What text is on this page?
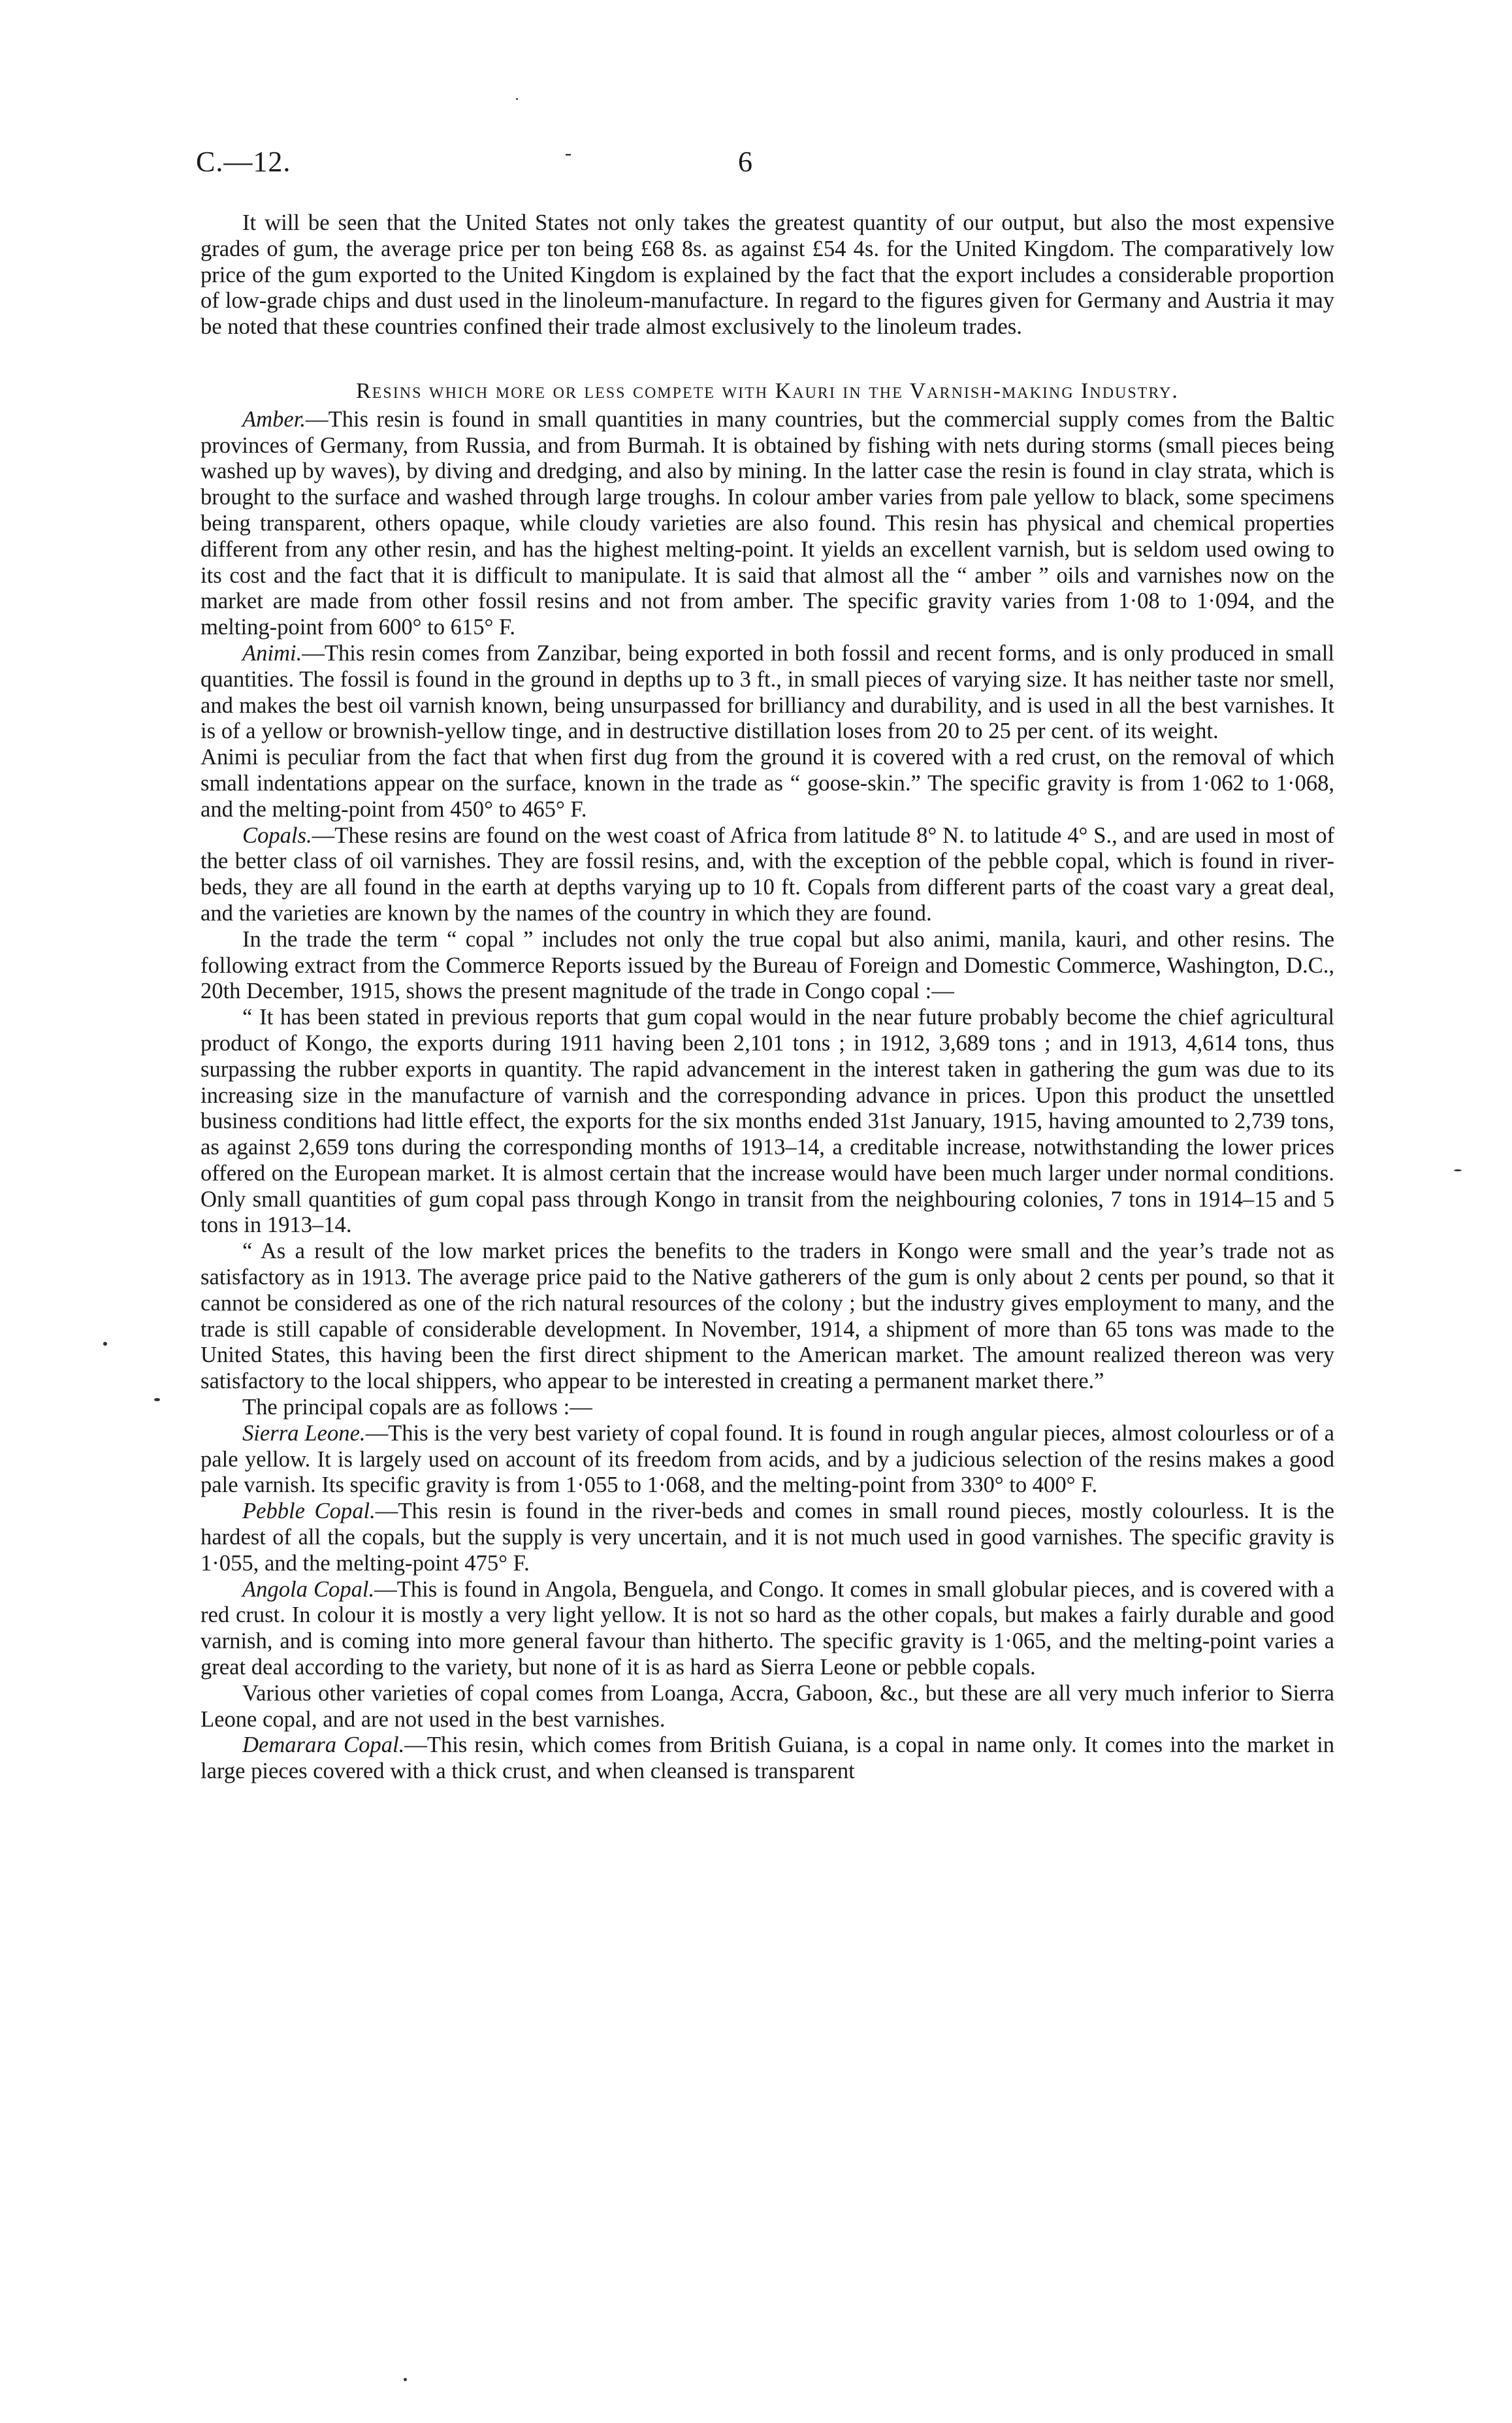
C.—12.	-	6

It will be seen that the United States not only takes the greatest quantity of our output, but also the most expensive grades of gum, the average price per ton being £68 8s. as against £54 4s. for the United Kingdom. The comparatively low price of the gum exported to the United Kingdom is explained by the fact that the export includes a considerable proportion of low-grade chips and dust used in the linoleum-manufacture. In regard to the figures given for Germany and Austria it may be noted that these countries confined their trade almost exclusively to the linoleum trades.

Resins which more or less compete with Kauri in the Varnish-making Industry.

Amber.—This resin is found in small quantities in many countries, but the commercial supply comes from the Baltic provinces of Germany, from Russia, and from Burmah. It is obtained by fishing with nets during storms (small pieces being washed up by waves), by diving and dredging, and also by mining. In the latter case the resin is found in clay strata, which is brought to the surface and washed through large troughs. In colour amber varies from pale yellow to black, some specimens being transparent, others opaque, while cloudy varieties are also found. This resin has physical and chemical properties different from any other resin, and has the highest melting-point. It yields an excellent varnish, but is seldom used owing to its cost and the fact that it is difficult to manipulate. It is said that almost all the “ amber ” oils and varnishes now on the market are made from other fossil resins and not from amber. The specific gravity varies from 1·08 to 1·094, and the melting-point from 600° to 615° F.

Animi.—This resin comes from Zanzibar, being exported in both fossil and recent forms, and is only produced in small quantities. The fossil is found in the ground in depths up to 3 ft., in small pieces of varying size. It has neither taste nor smell, and makes the best oil varnish known, being unsurpassed for brilliancy and durability, and is used in all the best varnishes. It is of a yellow or brownish-yellow tinge, and in destructive distillation loses from 20 to 25 per cent. of its weight.

Animi is peculiar from the fact that when first dug from the ground it is covered with a red crust, on the removal of which small indentations appear on the surface, known in the trade as “ goose-skin.” The specific gravity is from 1·062 to 1·068, and the melting-point from 450° to 465° F.

Copals.—These resins are found on the west coast of Africa from latitude 8° N. to latitude 4° S., and are used in most of the better class of oil varnishes. They are fossil resins, and, with the exception of the pebble copal, which is found in river-beds, they are all found in the earth at depths varying up to 10 ft. Copals from different parts of the coast vary a great deal, and the varieties are known by the names of the country in which they are found.

In the trade the term “ copal ” includes not only the true copal but also animi, manila, kauri, and other resins. The following extract from the Commerce Reports issued by the Bureau of Foreign and Domestic Commerce, Washington, D.C., 20th December, 1915, shows the present magnitude of the trade in Congo copal :—

“ It has been stated in previous reports that gum copal would in the near future probably become the chief agricultural product of Kongo, the exports during 1911 having been 2,101 tons ; in 1912, 3,689 tons ; and in 1913, 4,614 tons, thus surpassing the rubber exports in quantity. The rapid advancement in the interest taken in gathering the gum was due to its increasing size in the manufacture of varnish and the corresponding advance in prices. Upon this product the unsettled business conditions had little effect, the exports for the six months ended 31st January, 1915, having amounted to 2,739 tons, as against 2,659 tons during the corresponding months of 1913–14, a creditable increase, notwithstanding the lower prices offered on the European market. It is almost certain that the increase would have been much larger under normal conditions. Only small quantities of gum copal pass through Kongo in transit from the neighbouring colonies, 7 tons in 1914–15 and 5 tons in 1913–14.

“ As a result of the low market prices the benefits to the traders in Kongo were small and the year’s trade not as satisfactory as in 1913. The average price paid to the Native gatherers of the gum is only about 2 cents per pound, so that it cannot be considered as one of the rich natural resources of the colony ; but the industry gives employment to many, and the trade is still capable of considerable development. In November, 1914, a shipment of more than 65 tons was made to the United States, this having been the first direct shipment to the American market. The amount realized thereon was very satisfactory to the local shippers, who appear to be interested in creating a permanent market there.”

The principal copals are as follows :—

Sierra Leone.—This is the very best variety of copal found. It is found in rough angular pieces, almost colourless or of a pale yellow. It is largely used on account of its freedom from acids, and by a judicious selection of the resins makes a good pale varnish. Its specific gravity is from 1·055 to 1·068, and the melting-point from 330° to 400° F.

Pebble Copal.—This resin is found in the river-beds and comes in small round pieces, mostly colourless. It is the hardest of all the copals, but the supply is very uncertain, and it is not much used in good varnishes. The specific gravity is 1·055, and the melting-point 475° F.

Angola Copal.—This is found in Angola, Benguela, and Congo. It comes in small globular pieces, and is covered with a red crust. In colour it is mostly a very light yellow. It is not so hard as the other copals, but makes a fairly durable and good varnish, and is coming into more general favour than hitherto. The specific gravity is 1·065, and the melting-point varies a great deal according to the variety, but none of it is as hard as Sierra Leone or pebble copals.

Various other varieties of copal comes from Loanga, Accra, Gaboon, &c., but these are all very much inferior to Sierra Leone copal, and are not used in the best varnishes.

Demarara Copal.—This resin, which comes from British Guiana, is a copal in name only. It comes into the market in large pieces covered with a thick crust, and when cleansed is transparent
